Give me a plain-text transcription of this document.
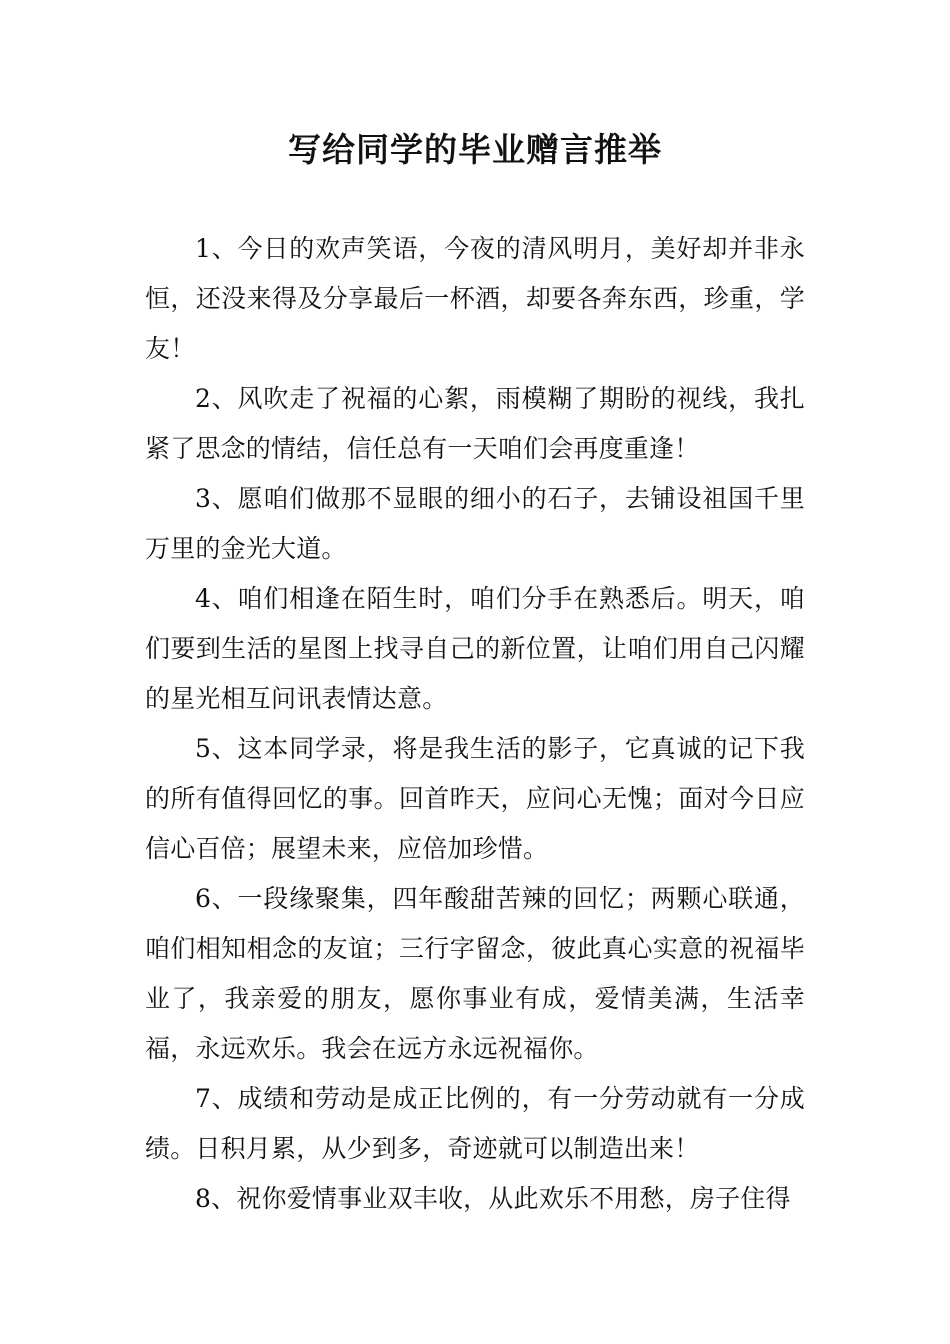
写给同学的毕业赠言推举

1、今日的欢声笑语，今夜的清风明月，美好却并非永恒，还没来得及分享最后一杯酒，却要各奔东西，珍重，学友！

2、风吹走了祝福的心絮，雨模糊了期盼的视线，我扎紧了思念的情结，信任总有一天咱们会再度重逢！

3、愿咱们做那不显眼的细小的石子，去铺设祖国千里万里的金光大道。

4、咱们相逢在陌生时，咱们分手在熟悉后。明天，咱们要到生活的星图上找寻自己的新位置，让咱们用自己闪耀的星光相互问讯表情达意。

5、这本同学录，将是我生活的影子，它真诚的记下我的所有值得回忆的事。回首昨天，应问心无愧；面对今日应信心百倍；展望未来，应倍加珍惜。

6、一段缘聚集，四年酸甜苦辣的回忆；两颗心联通，咱们相知相念的友谊；三行字留念，彼此真心实意的祝福毕业了，我亲爱的朋友，愿你事业有成，爱情美满，生活幸福，永远欢乐。我会在远方永远祝福你。

7、成绩和劳动是成正比例的，有一分劳动就有一分成绩。日积月累，从少到多，奇迹就可以制造出来！

8、祝你爱情事业双丰收，从此欢乐不用愁，房子住得
